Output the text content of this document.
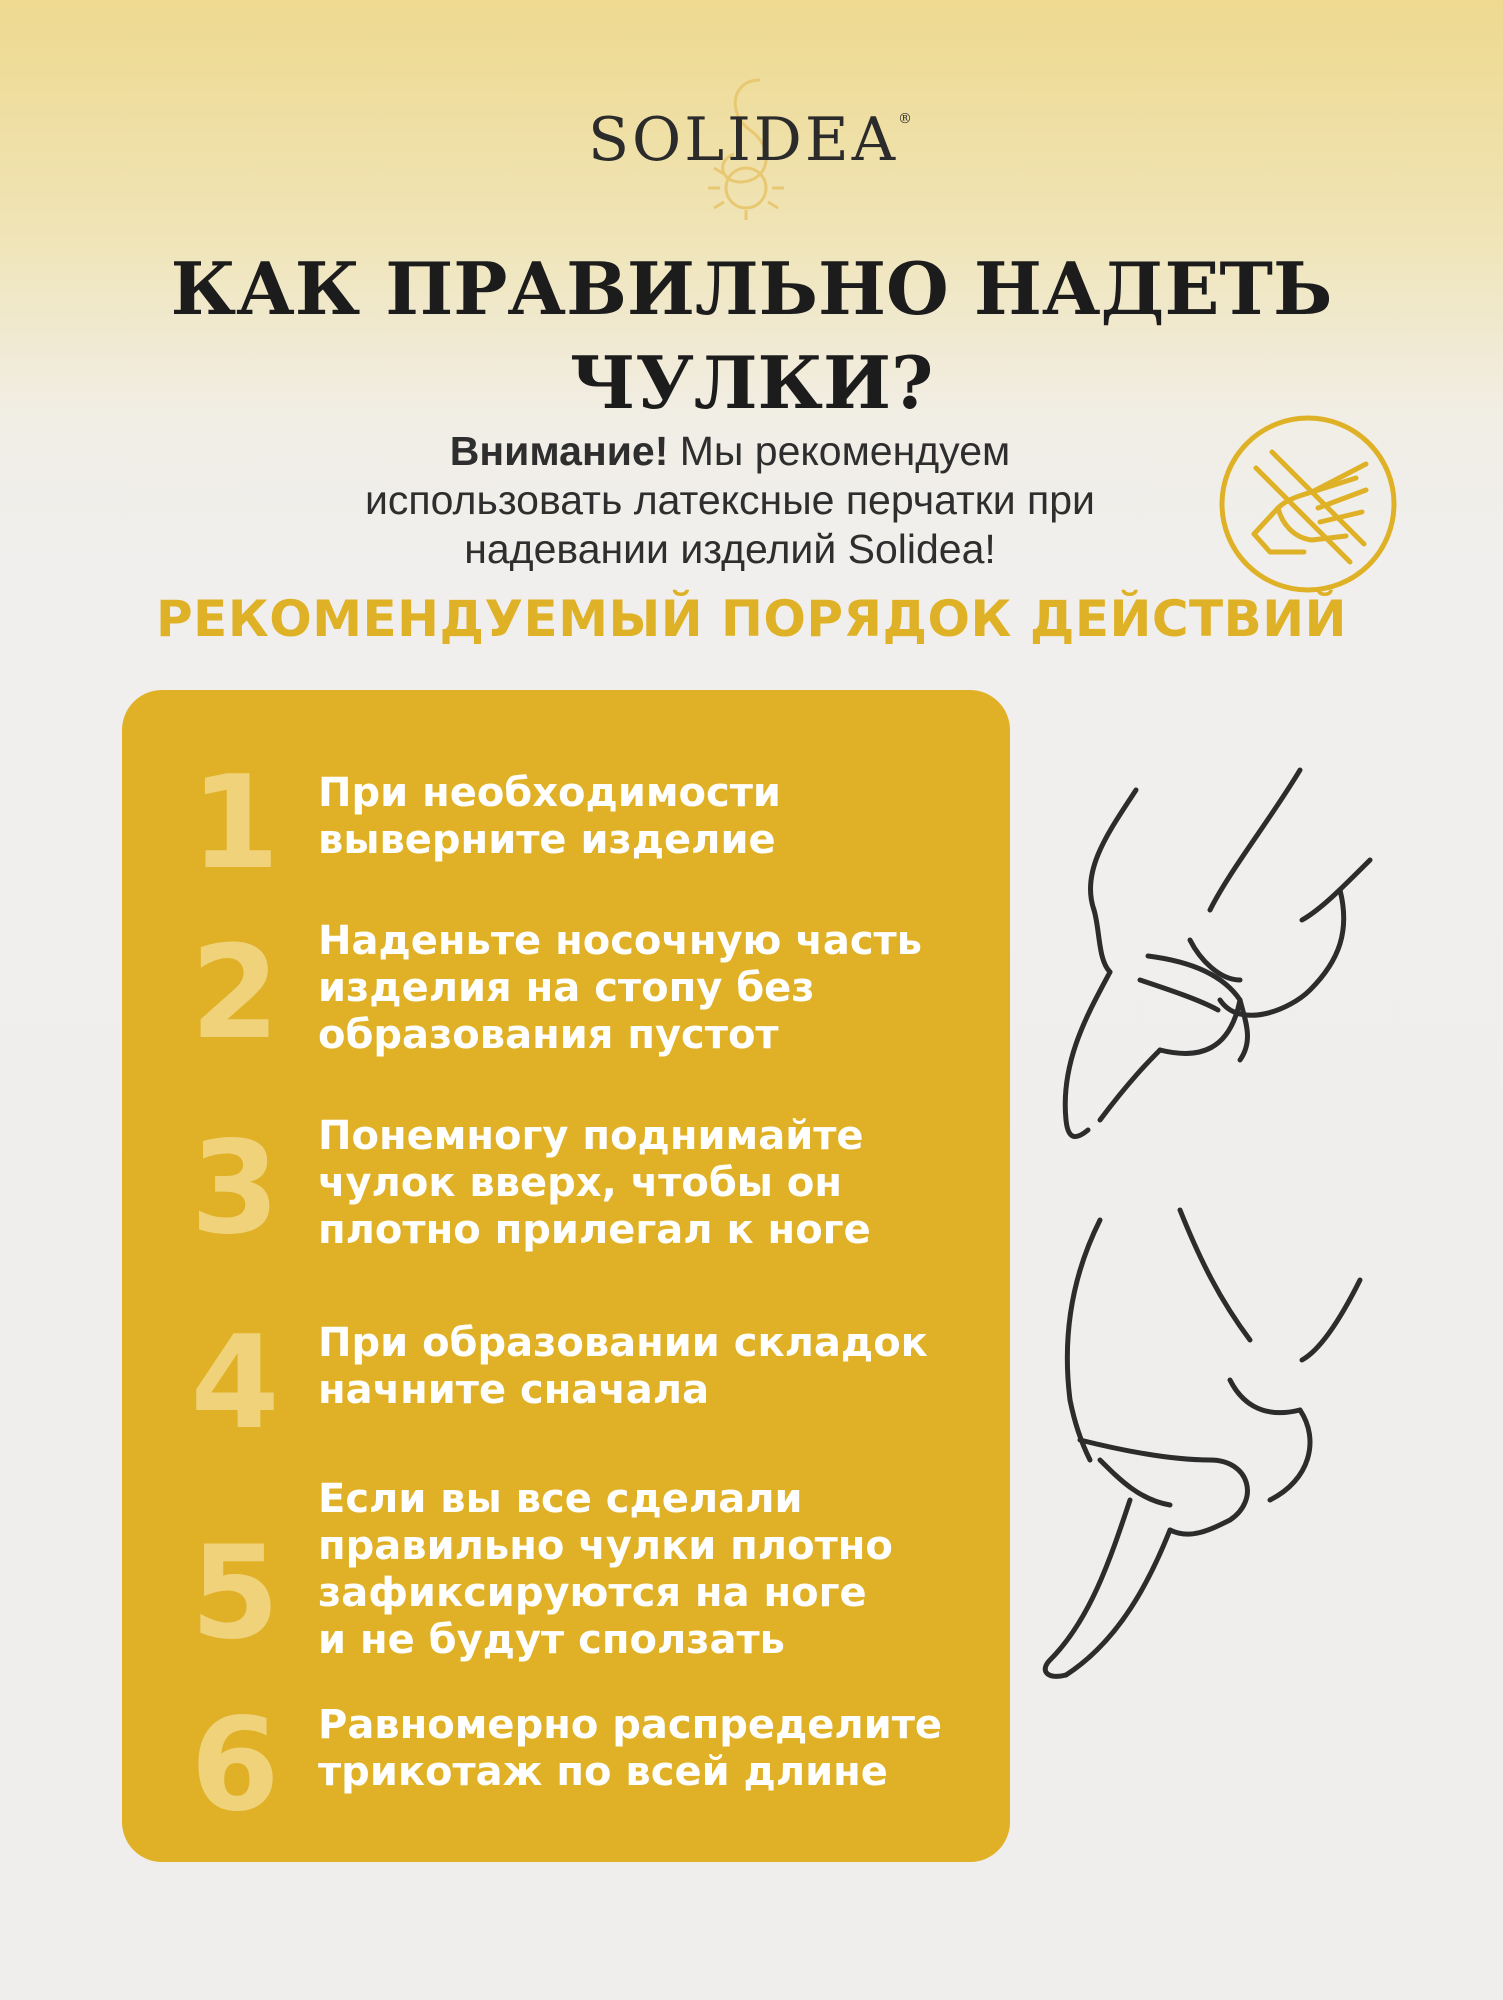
SOLIDEA®
КАК ПРАВИЛЬНО НАДЕТЬ
ЧУЛКИ?
Внимание! Мы рекомендуем
использовать латексные перчатки при
надевании изделий Solidea!
РЕКОМЕНДУЕМЫЙ ПОРЯДОК ДЕЙСТВИЙ
1 При необходимости
выверните изделие
2 Наденьте носочную часть
изделия на стопу без
образования пустот
3 Понемногу поднимайте
чулок вверх, чтобы он
плотно прилегал к ноге
4 При образовании складок
начните сначала
5
Если вы все сделали
правильно чулки плотно
зафиксируются на ноге
и не будут сползать
6 Равномерно распределите
трикотаж по всей длине
